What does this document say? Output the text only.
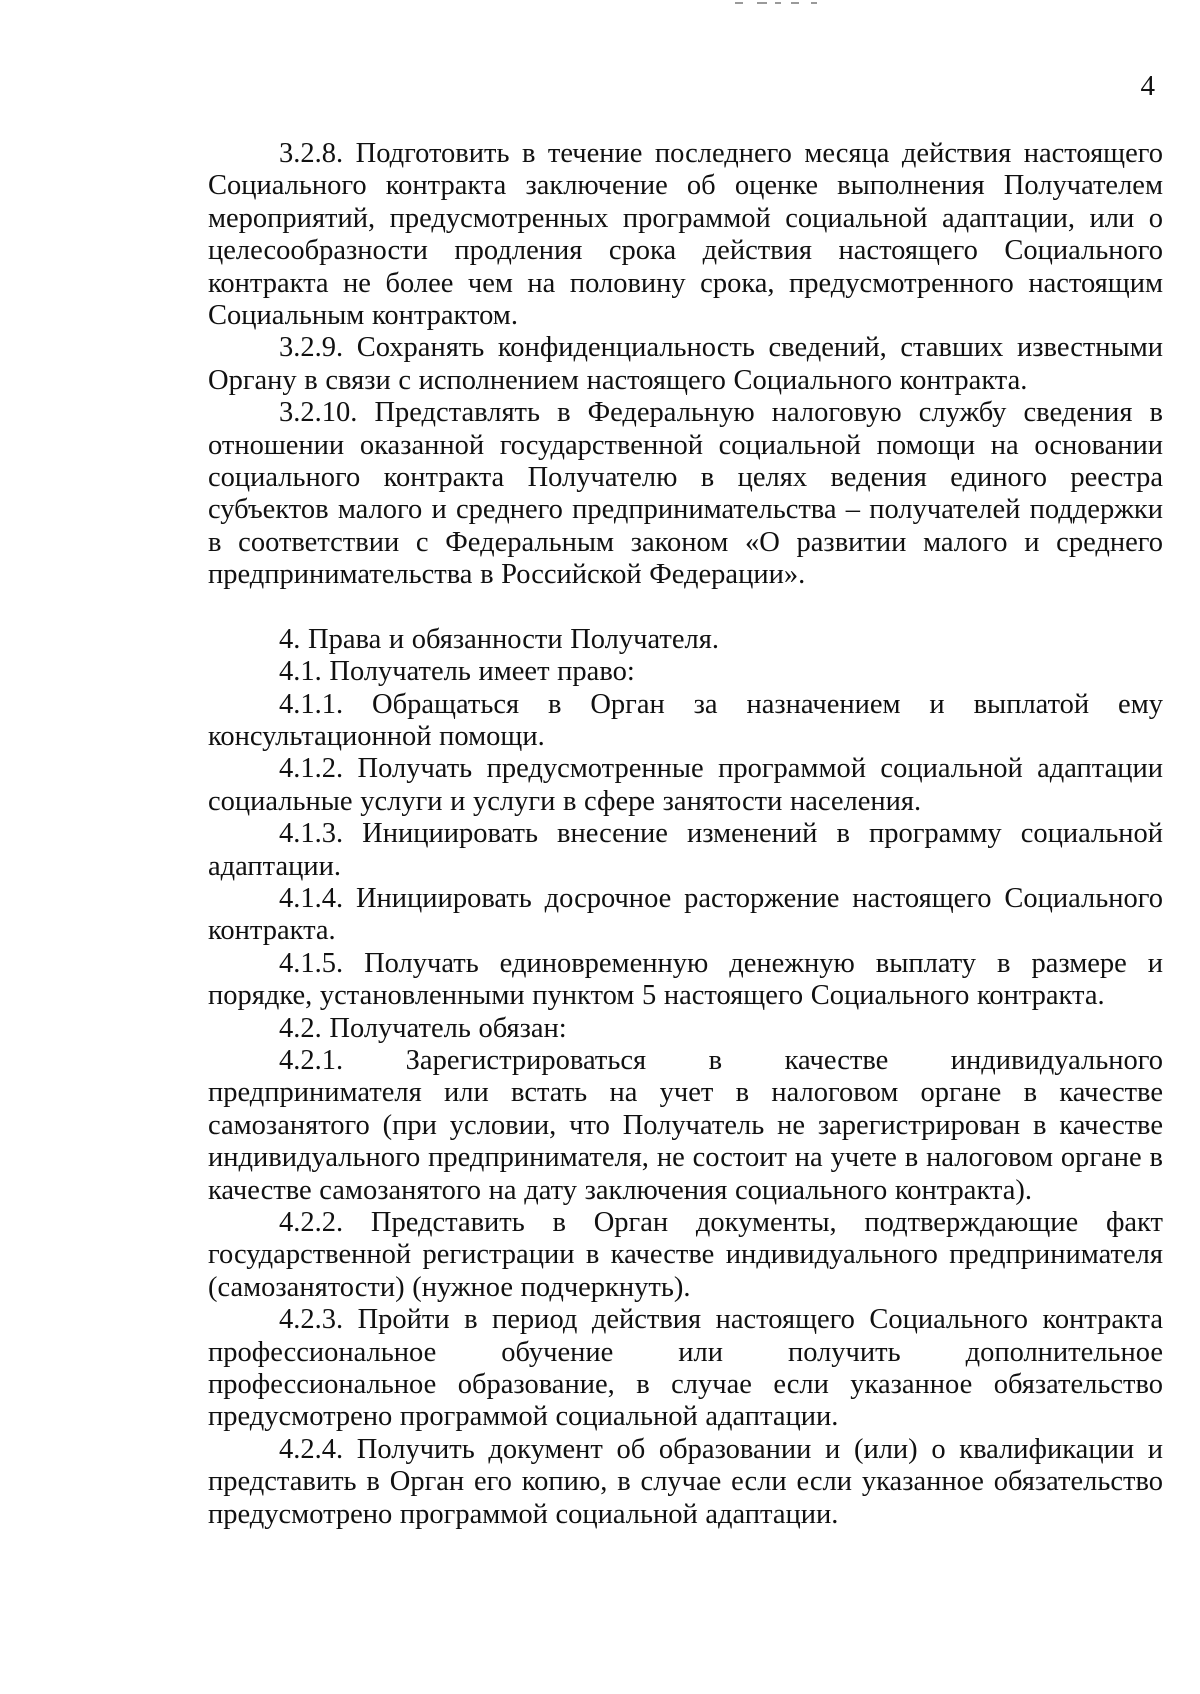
4

3.2.8. Подготовить в течение последнего месяца действия настоящего Социального контракта заключение об оценке выполнения Получателем мероприятий, предусмотренных программой социальной адаптации, или о целесообразности продления срока действия настоящего Социального контракта не более чем на половину срока, предусмотренного настоящим Социальным контрактом.

3.2.9. Сохранять конфиденциальность сведений, ставших известными Органу в связи с исполнением настоящего Социального контракта.

3.2.10. Представлять в Федеральную налоговую службу сведения в отношении оказанной государственной социальной помощи на основании социального контракта Получателю в целях ведения единого реестра субъектов малого и среднего предпринимательства – получателей поддержки в соответствии с Федеральным законом «О развитии малого и среднего предпринимательства в Российской Федерации».

4. Права и обязанности Получателя.

4.1. Получатель имеет право:

4.1.1. Обращаться в Орган за назначением и выплатой ему консультационной помощи.

4.1.2. Получать предусмотренные программой социальной адаптации социальные услуги и услуги в сфере занятости населения.

4.1.3. Инициировать внесение изменений в программу социальной адаптации.

4.1.4. Инициировать досрочное расторжение настоящего Социального контракта.

4.1.5. Получать единовременную денежную выплату в размере и порядке, установленными пунктом 5 настоящего Социального контракта.

4.2. Получатель обязан:

4.2.1. Зарегистрироваться в качестве индивидуального предпринимателя или встать на учет в налоговом органе в качестве самозанятого (при условии, что Получатель не зарегистрирован в качестве индивидуального предпринимателя, не состоит на учете в налоговом органе в качестве самозанятого на дату заключения социального контракта).

4.2.2. Представить в Орган документы, подтверждающие факт государственной регистрации в качестве индивидуального предпринимателя (самозанятости) (нужное подчеркнуть).

4.2.3. Пройти в период действия настоящего Социального контракта профессиональное обучение или получить дополнительное профессиональное образование, в случае если указанное обязательство предусмотрено программой социальной адаптации.

4.2.4. Получить документ об образовании и (или) о квалификации и представить в Орган его копию, в случае если если указанное обязательство предусмотрено программой социальной адаптации.
